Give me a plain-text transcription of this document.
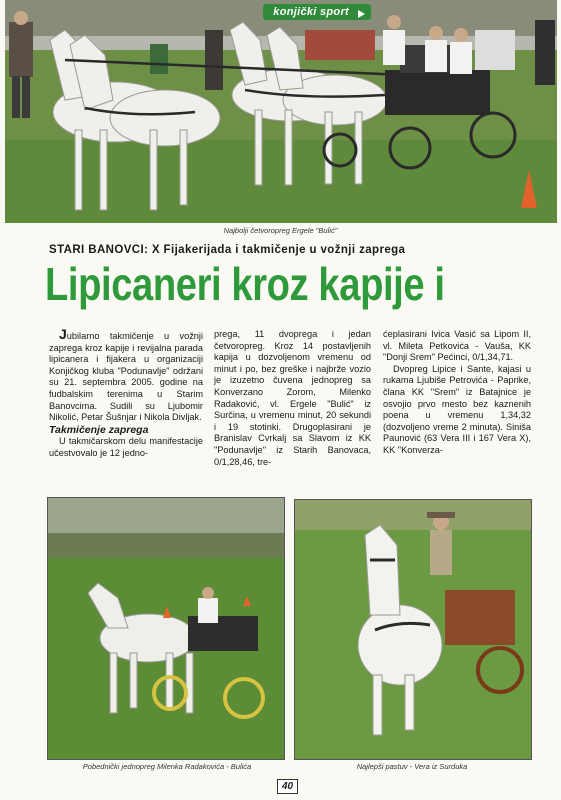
konjički sport
Najbolji četvoropreg Ergele "Bulić"
STARI BANOVCI: X Fijakerijada i takmičenje u vožnji zaprega
Lipicaneri kroz kapije i

Jubilarno takmičenje u vožnji zaprega kroz kapije i revijalna parada lipicanera i fijakera u organizaciji Konjičkog kluba "Podunavlje" održani su 21. septembra 2005. godine na fudbalskim terenima u Starim Banovcima. Sudili su Ljubomir Nikolić, Petar Šušnjar i Nikola Divljak.

Takmičenje zaprega

U takmičarskom delu manifestacije učestvovalo je 12 jedno-

prega, 11 dvoprega i jedan četvoropreg. Kroz 14 postavljenih kapija u dozvoljenom vremenu od minut i po, bez greške i najbrže vozio je izuzetno čuvena jednopreg sa Konverzano Zorom, Milenko Radaković, vl. Ergele "Bulić" iz Surčina, u vremenu minut, 20 sekundi i 19 stotinki. Drugoplasirani je Branislav Cvrkalj sa Slavom iz KK "Podunavlje" iz Starih Banovaca, 0/1,28,46, tre-

ćeplasirani Ivica Vasić sa Lipom II, vl. Mileta Petkovića - Vauša, KK "Donji Srem" Pećinci, 0/1,34,71.

Dvopreg Lipice i Sante, kajasi u rukama Ljubiše Petrovića - Paprike, člana KK "Srem" iz Batajnice je osvojio prvo mesto bez kaznenih poena u vremenu 1,34,32 (dozvoljeno vreme 2 minuta). Siniša Paunović (63 Vera III i 167 Vera X), KK "Konverza-

Pobednički jednopreg Milenka Radakovića - Bulića	Najlepši pastuv - Vera iz Surduka
40
